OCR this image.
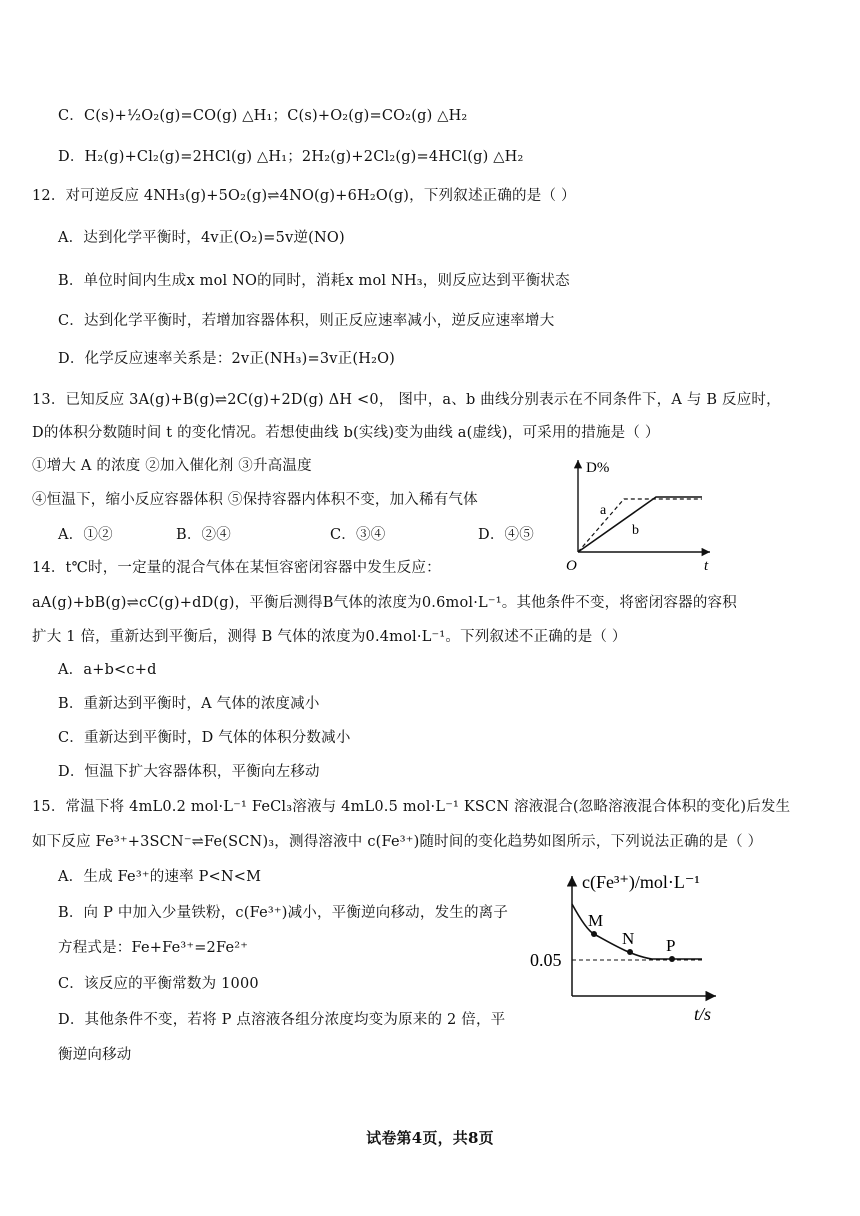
C．C(s)+½O₂(g)=CO(g) △H₁；C(s)+O₂(g)=CO₂(g) △H₂
D．H₂(g)+Cl₂(g)=2HCl(g) △H₁；2H₂(g)+2Cl₂(g)=4HCl(g) △H₂
12．对可逆反应 4NH₃(g)+5O₂(g)⇌4NO(g)+6H₂O(g)，下列叙述正确的是（ ）
A．达到化学平衡时，4v正(O₂)=5v逆(NO)
B．单位时间内生成x mol NO的同时，消耗x mol NH₃，则反应达到平衡状态
C．达到化学平衡时，若增加容器体积，则正反应速率减小，逆反应速率增大
D．化学反应速率关系是：2v正(NH₃)=3v正(H₂O)
13．已知反应 3A(g)+B(g)⇌2C(g)+2D(g) ΔH <0， 图中，a、b 曲线分别表示在不同条件下，A 与 B 反应时，
D的体积分数随时间 t 的变化情况。若想使曲线 b(实线)变为曲线 a(虚线)，可采用的措施是（ ）
①增大 A 的浓度 ②加入催化剂 ③升高温度
④恒温下，缩小反应容器体积 ⑤保持容器内体积不变，加入稀有气体
A．①②	B．②④	C．③④	D．④⑤
D%
t
O
a
b
14．t℃时，一定量的混合气体在某恒容密闭容器中发生反应：
aA(g)+bB(g)⇌cC(g)+dD(g)，平衡后测得B气体的浓度为0.6mol·L⁻¹。其他条件不变，将密闭容器的容积
扩大 1 倍，重新达到平衡后，测得 B 气体的浓度为0.4mol·L⁻¹。下列叙述不正确的是（ ）
A．a+b<c+d
B．重新达到平衡时，A 气体的浓度减小
C．重新达到平衡时，D 气体的体积分数减小
D．恒温下扩大容器体积，平衡向左移动
15．常温下将 4mL0.2 mol·L⁻¹ FeCl₃溶液与 4mL0.5 mol·L⁻¹ KSCN 溶液混合(忽略溶液混合体积的变化)后发生
如下反应 Fe³⁺+3SCN⁻⇌Fe(SCN)₃，测得溶液中 c(Fe³⁺)随时间的变化趋势如图所示，下列说法正确的是（ ）
A．生成 Fe³⁺的速率 P<N<M
B．向 P 中加入少量铁粉，c(Fe³⁺)减小，平衡逆向移动，发生的离子
方程式是：Fe+Fe³⁺=2Fe²⁺
C．该反应的平衡常数为 1000
D．其他条件不变，若将 P 点溶液各组分浓度均变为原来的 2 倍，平
衡逆向移动
c(Fe³⁺)/mol·L⁻¹
t/s
0.05
M
N P
试卷第4页，共8页
